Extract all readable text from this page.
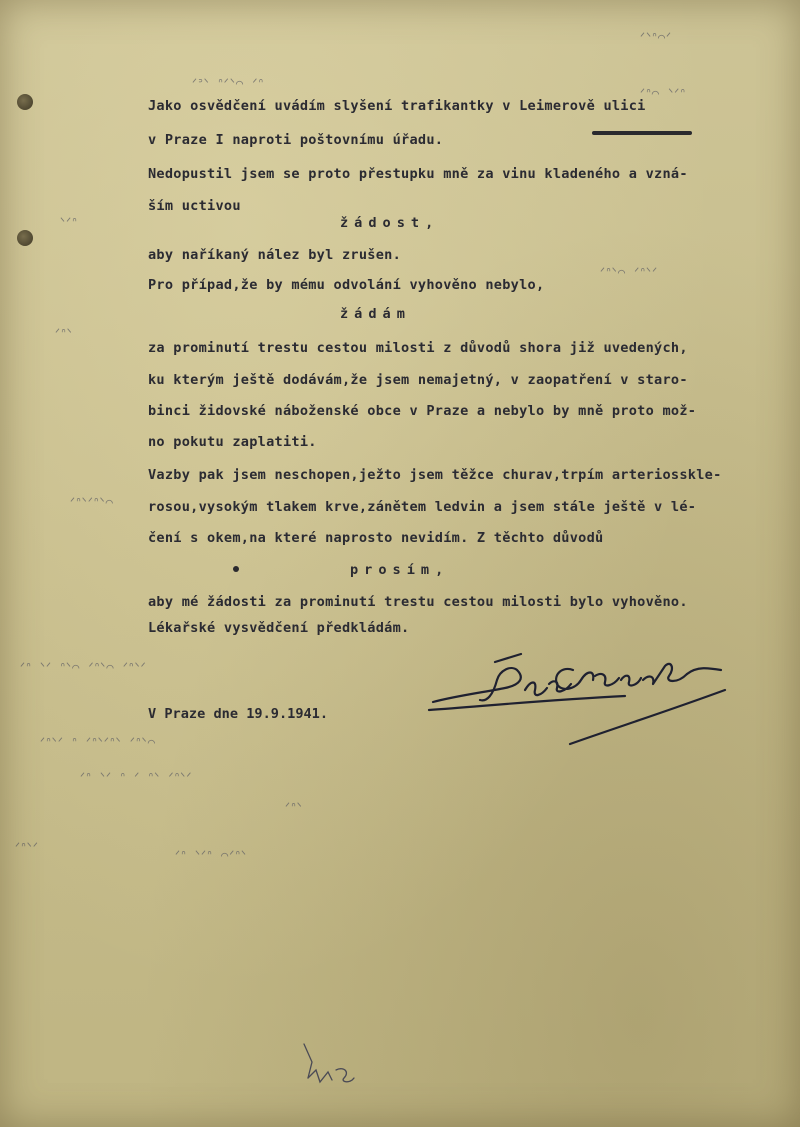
ᐟᐣᐠ ᐢᐟᐠ⌒ ᐟᐢ
ᐟᐠᐢ⌒ᐟ
ᐟᐢ⌒ ᐠᐟᐢ
ᐟᐢᐠ⌒ ᐟᐢᐠᐟ
ᐠᐟᐢ
ᐟᐢᐠ
ᐟᐢᐠᐟᐢᐠ⌒
ᐟᐢ ᐠᐟ ᐢᐠ⌒ ᐟᐢᐠ⌒ ᐟᐢᐠᐟ
ᐟᐢᐠᐟ ᐢ ᐟᐢᐠᐟᐢᐠ ᐟᐢᐠ⌒
ᐟᐢ ᐠᐟ ᐢ ᐟ ᐢᐠ ᐟᐢᐠᐟ
ᐟᐢᐠ
ᐟᐢᐠᐟ
ᐟᐢ ᐠᐟᐢ ⌒ᐟᐢᐠ
Jako osvědčení uvádím slyšení trafikantky v Leimerově ulici
v Praze I naproti poštovnímu úřadu.
Nedopustil jsem se proto přestupku mně za vinu kladeného a vzná-
ším uctivou
žádost,
aby naříkaný nález byl zrušen.
Pro případ,že by mému odvolání vyhověno nebylo,
žádám
za prominutí trestu cestou milosti z důvodů shora již uvedených,
ku kterým ještě dodávám,že jsem nemajetný, v zaopatření v staro-
binci židovské náboženské obce v Praze a nebylo by mně proto mož-
no pokutu zaplatiti.
Vazby pak jsem neschopen,ježto jsem těžce churav,trpím arteriosskle-
rosou,vysokým tlakem krve,zánětem ledvin a jsem stále ještě v lé-
čení s okem,na které naprosto nevidím. Z těchto důvodů
prosím,
aby mé žádosti za prominutí trestu cestou milosti bylo vyhověno.
Lékařské vysvědčení předkládám.
V Praze dne 19.9.1941.
